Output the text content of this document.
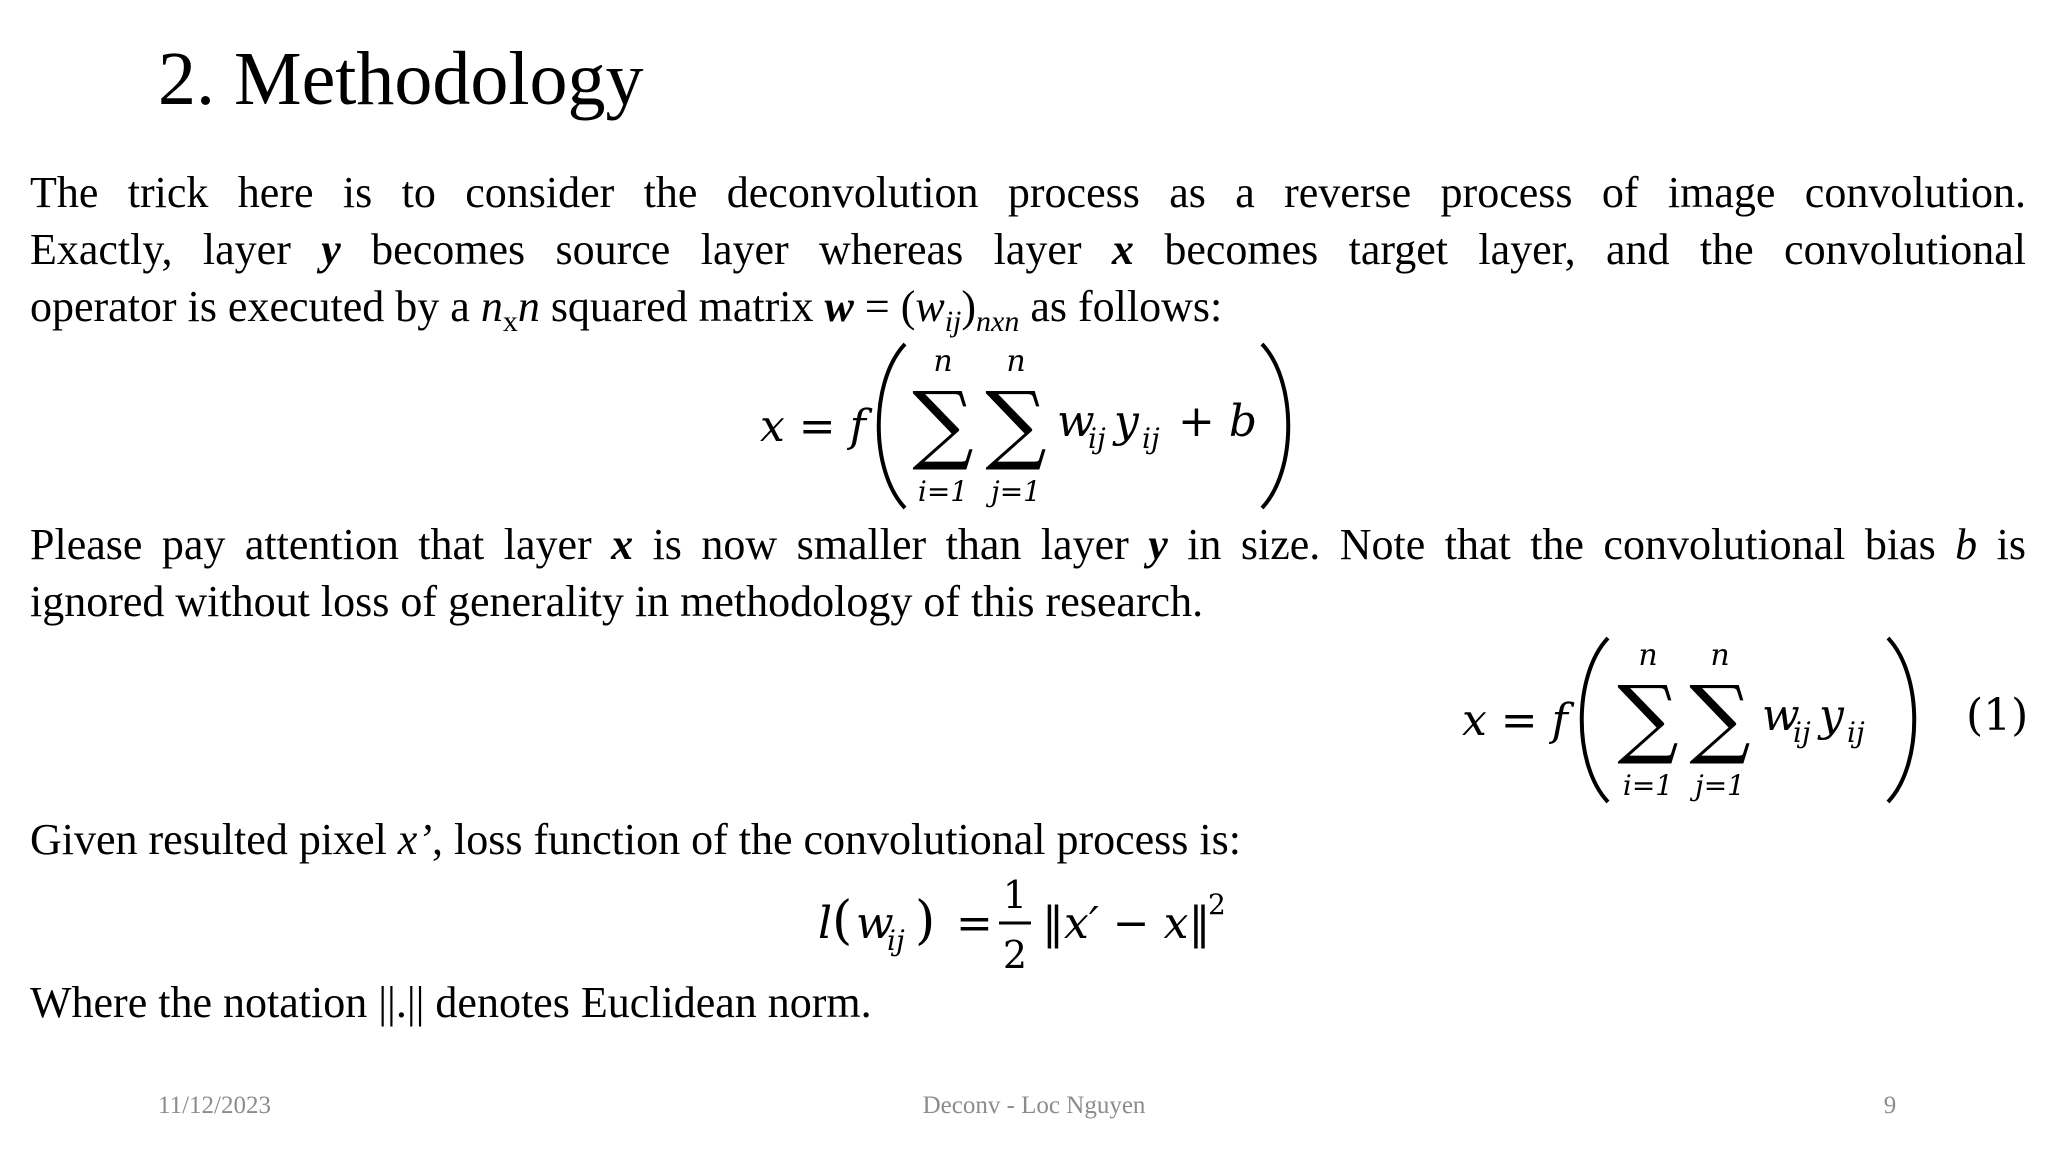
2. Methodology

The trick here is to consider the deconvolution process as a reverse process of image convolution.

Exactly, layer y becomes source layer whereas layer x becomes target layer, and the convolutional

operator is executed by a $n_xn$ squared matrix $w = (w_{ij})_{nxn}$ as follows:

x = f
n
∑
i=1
n
∑
j=1
w
ij y ij + b

Please pay attention that layer x is now smaller than layer y in size. Note that the convolutional bias b is

ignored without loss of generality in methodology of this research.

x = f
n
∑
i=1
n
∑
j=1
w
ij y ij (1)

Given resulted pixel x’, loss function of the convolutional process is:

l ( w
ij ) =
1
2
‖x′ − x‖
2

Where the notation ||.|| denotes Euclidean norm.

11/12/2023	Deconv - Loc Nguyen	9
